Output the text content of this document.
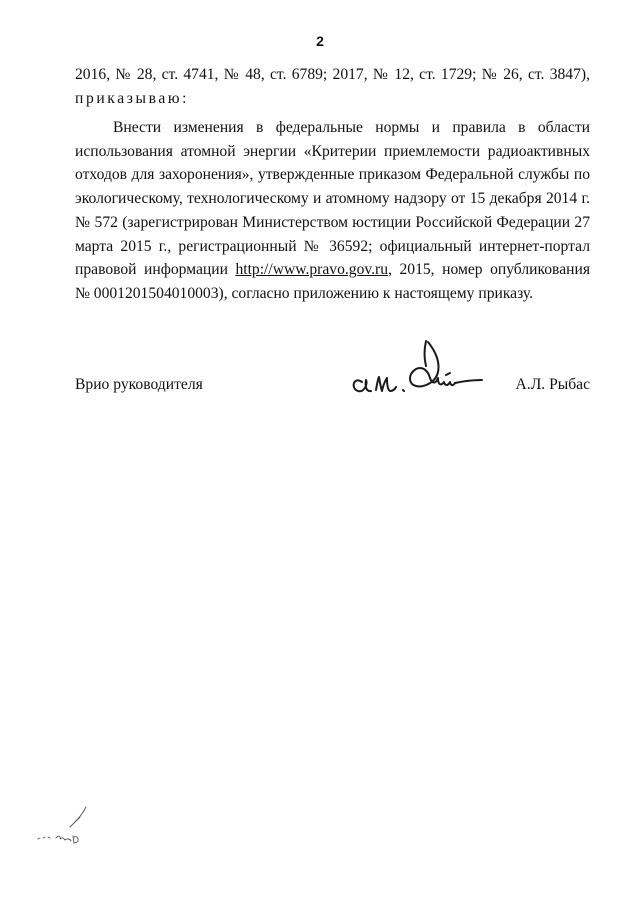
2
2016, № 28, ст. 4741, № 48, ст. 6789; 2017, № 12, ст. 1729; № 26, ст. 3847),
приказываю:
Внести изменения в федеральные нормы и правила в области использования атомной энергии «Критерии приемлемости радиоактивных отходов для захоронения», утвержденные приказом Федеральной службы по экологическому, технологическому и атомному надзору от 15 декабря 2014 г. № 572 (зарегистрирован Министерством юстиции Российской Федерации 27 марта 2015 г., регистрационный № 36592; официальный интернет-портал правовой информации http://www.pravo.gov.ru, 2015, номер опубликования № 0001201504010003), согласно приложению к настоящему приказу.
Врио руководителя	А.Л. Рыбас
